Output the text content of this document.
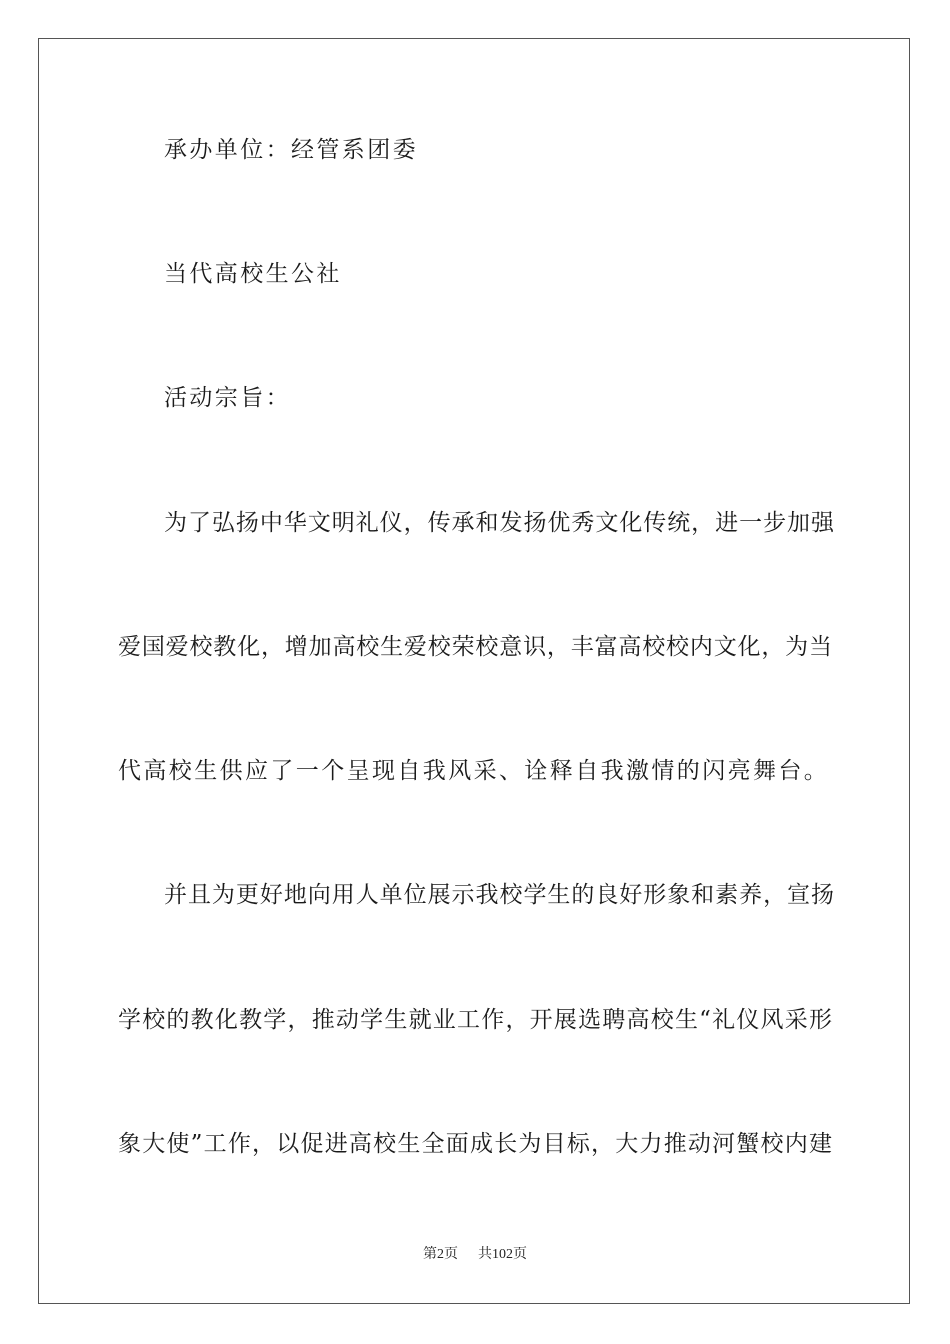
承办单位：经管系团委
当代高校生公社
活动宗旨：
为了弘扬中华文明礼仪，传承和发扬优秀文化传统，进一步加强
爱国爱校教化，增加高校生爱校荣校意识，丰富高校校内文化，为当
代高校生供应了一个呈现自我风采、诠释自我激情的闪亮舞台。
并且为更好地向用人单位展示我校学生的良好形象和素养，宣扬
学校的教化教学，推动学生就业工作，开展选聘高校生“礼仪风采形
象大使”工作，以促进高校生全面成长为目标，大力推动河蟹校内建
第2页 共102页
